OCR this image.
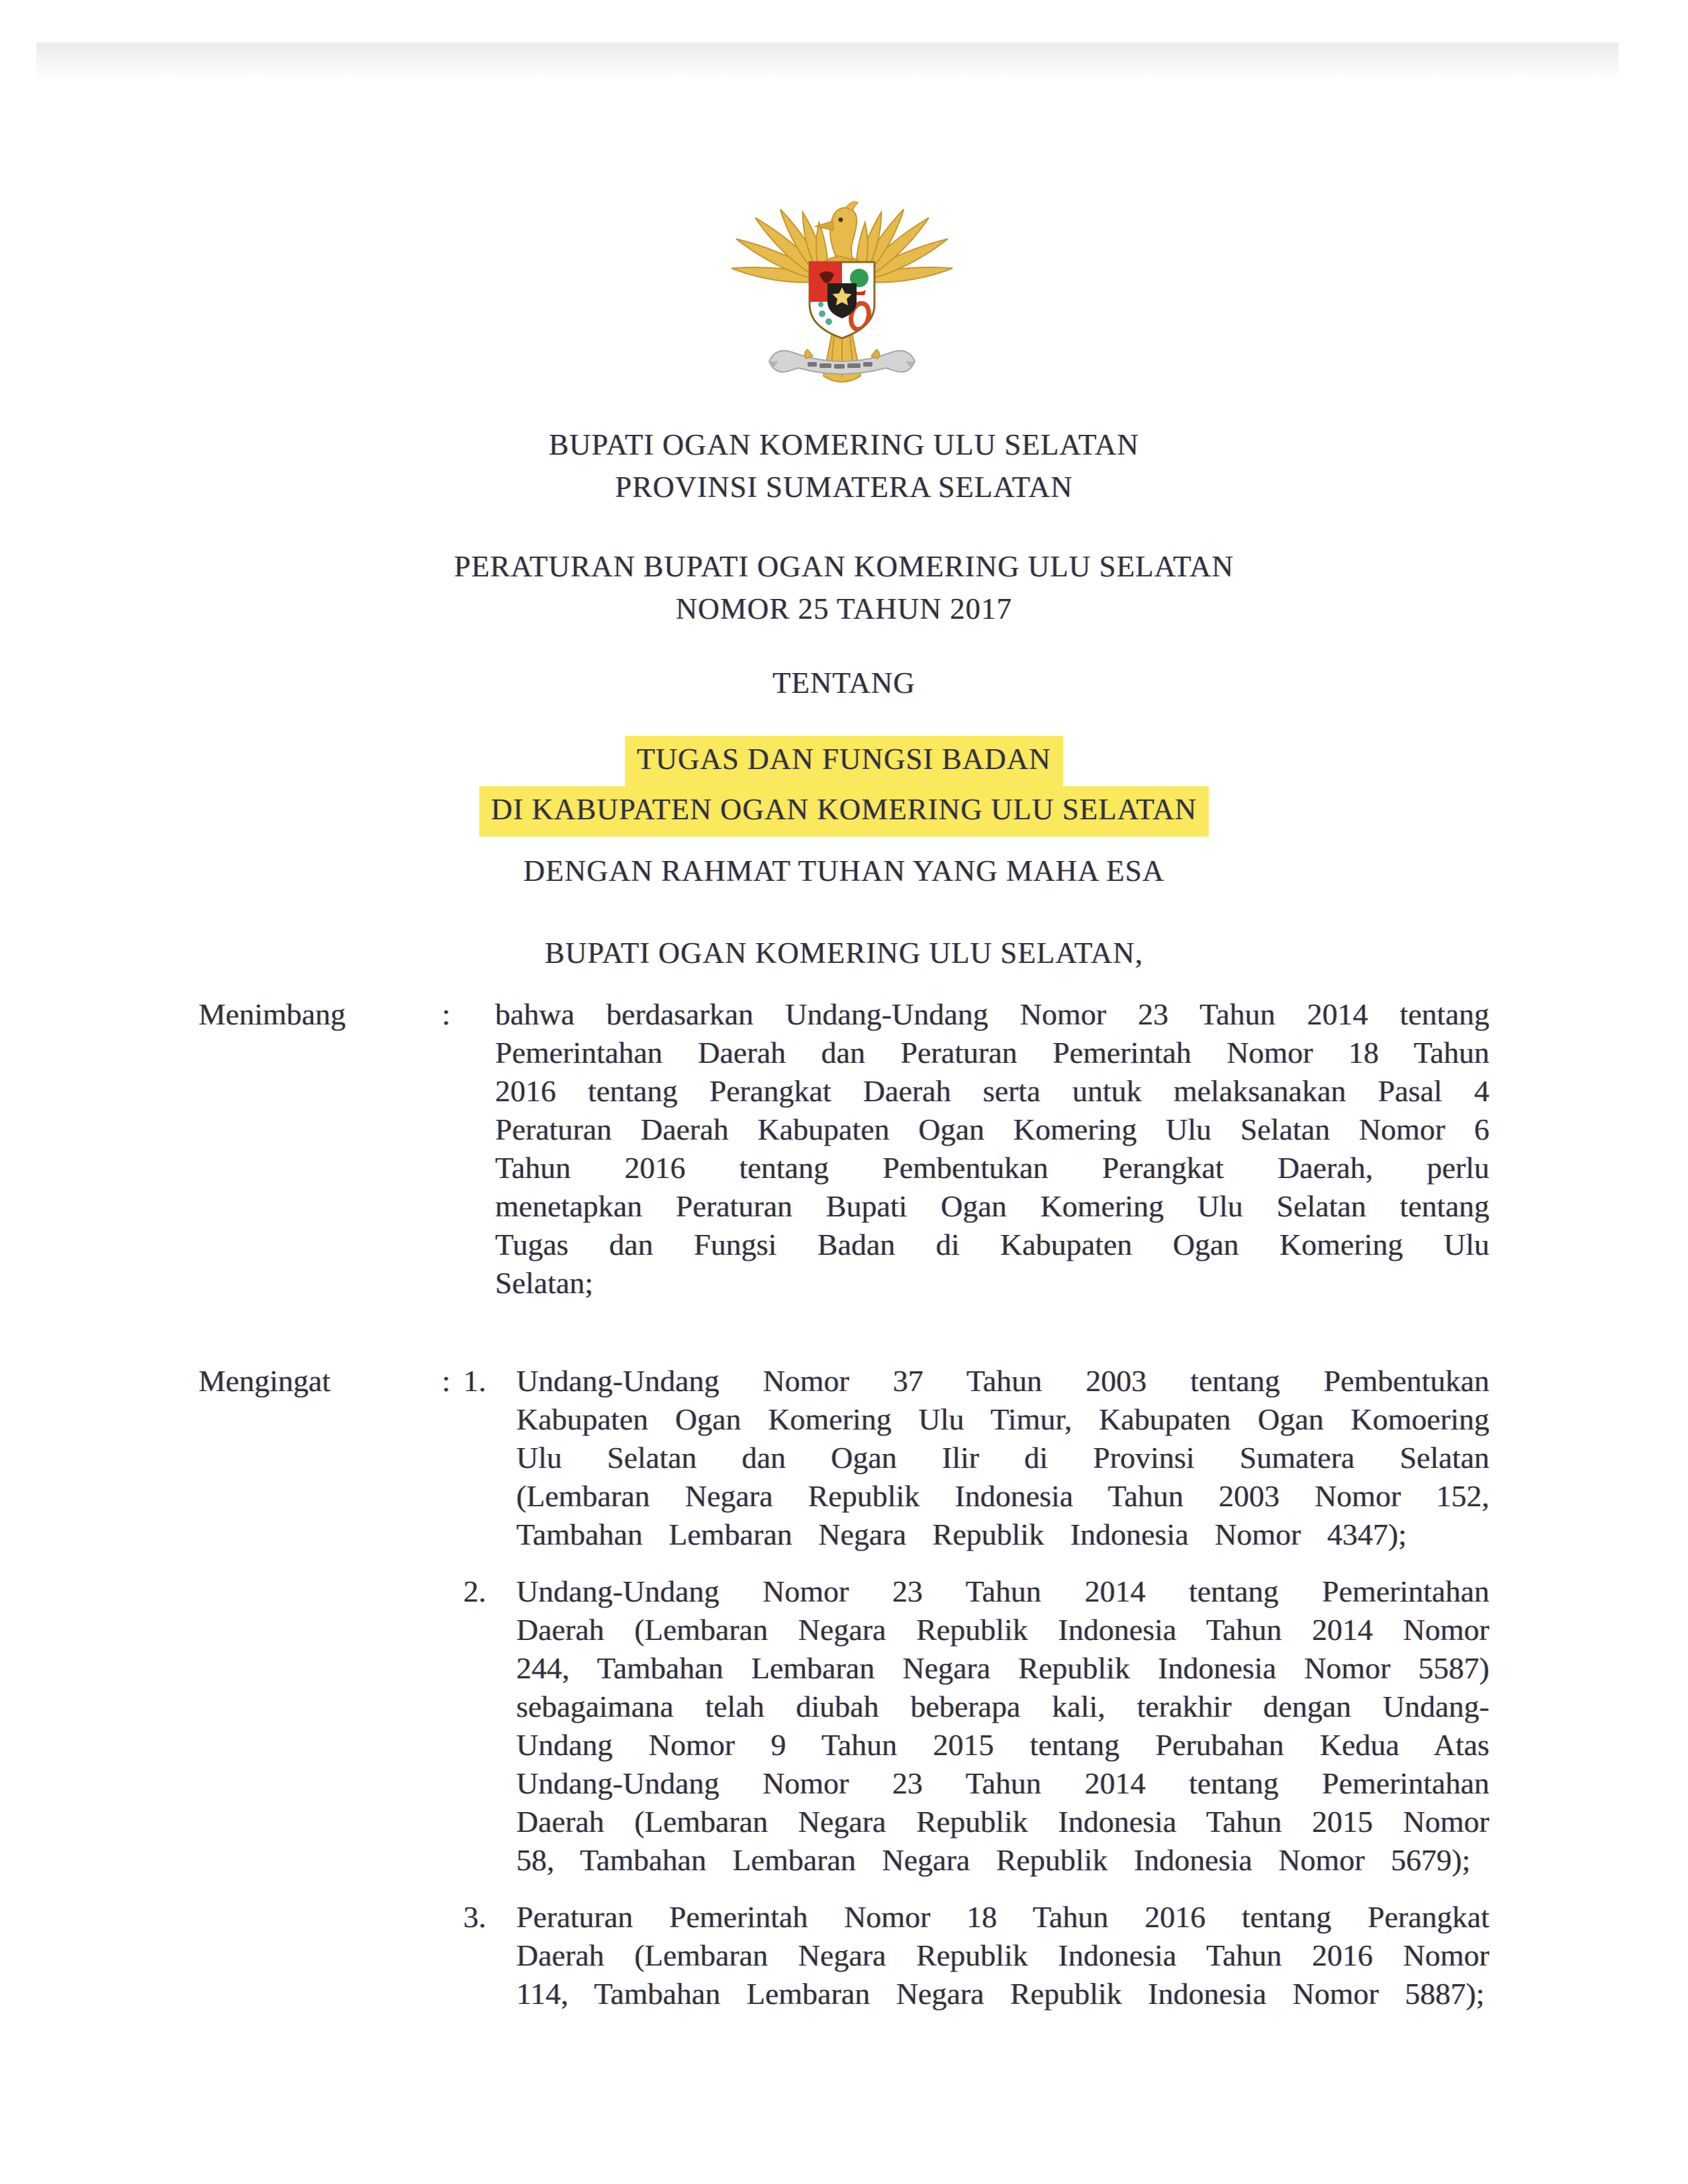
BUPATI OGAN KOMERING ULU SELATAN
PROVINSI SUMATERA SELATAN
PERATURAN BUPATI OGAN KOMERING ULU SELATAN
NOMOR 25 TAHUN 2017
TENTANG
TUGAS DAN FUNGSI BADAN
DI KABUPATEN OGAN KOMERING ULU SELATAN
DENGAN RAHMAT TUHAN YANG MAHA ESA
BUPATI OGAN KOMERING ULU SELATAN,
Menimbang	:	bahwa berdasarkan Undang-Undang Nomor 23 Tahun 2014 tentang Pemerintahan Daerah dan Peraturan Pemerintah Nomor 18 Tahun 2016 tentang Perangkat Daerah serta untuk melaksanakan Pasal 4 Peraturan Daerah Kabupaten Ogan Komering Ulu Selatan Nomor 6 Tahun 2016 tentang Pembentukan Perangkat Daerah, perlu menetapkan Peraturan Bupati Ogan Komering Ulu Selatan tentang Tugas dan Fungsi Badan di Kabupaten Ogan Komering Ulu Selatan;
Mengingat	: 1. Undang-Undang Nomor 37 Tahun 2003 tentang Pembentukan Kabupaten Ogan Komering Ulu Timur, Kabupaten Ogan Komoering Ulu Selatan dan Ogan Ilir di Provinsi Sumatera Selatan (Lembaran Negara Republik Indonesia Tahun 2003 Nomor 152, Tambahan Lembaran Negara Republik Indonesia Nomor 4347);
2. Undang-Undang Nomor 23 Tahun 2014 tentang Pemerintahan Daerah (Lembaran Negara Republik Indonesia Tahun 2014 Nomor 244, Tambahan Lembaran Negara Republik Indonesia Nomor 5587) sebagaimana telah diubah beberapa kali, terakhir dengan Undang-Undang Nomor 9 Tahun 2015 tentang Perubahan Kedua Atas Undang-Undang Nomor 23 Tahun 2014 tentang Pemerintahan Daerah (Lembaran Negara Republik Indonesia Tahun 2015 Nomor 58, Tambahan Lembaran Negara Republik Indonesia Nomor 5679);
3. Peraturan Pemerintah Nomor 18 Tahun 2016 tentang Perangkat Daerah (Lembaran Negara Republik Indonesia Tahun 2016 Nomor 114, Tambahan Lembaran Negara Republik Indonesia Nomor 5887);
